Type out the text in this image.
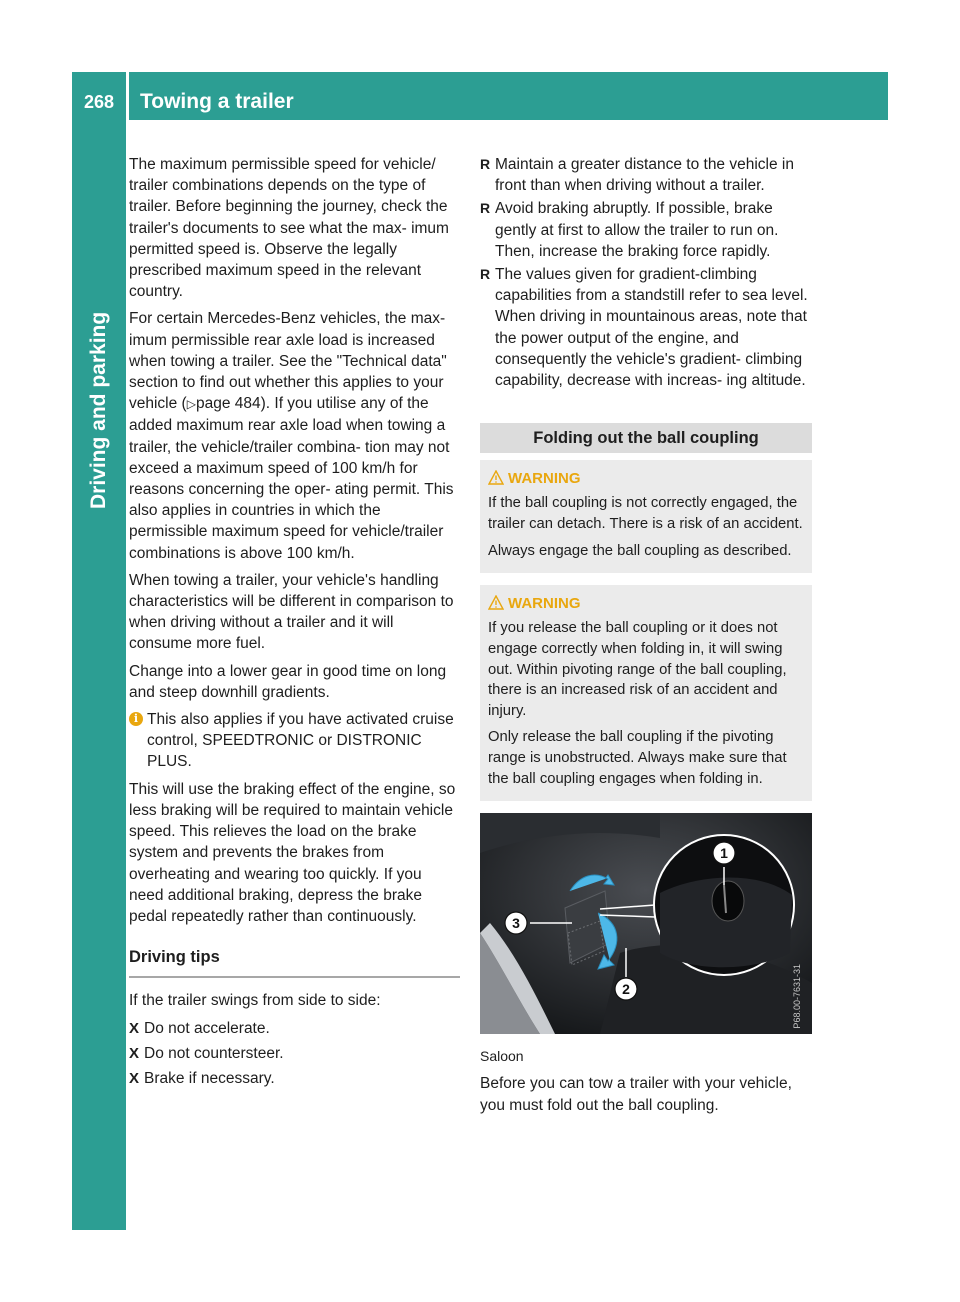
268	Towing a trailer
Driving and parking

The maximum permissible speed for vehicle/ trailer combinations depends on the type of trailer. Before beginning the journey, check the trailer's documents to see what the max- imum permitted speed is. Observe the legally prescribed maximum speed in the relevant country.

For certain Mercedes-Benz vehicles, the max- imum permissible rear axle load is increased when towing a trailer. See the "Technical data" section to find out whether this applies to your vehicle (▷page 484). If you utilise any of the added maximum rear axle load when towing a trailer, the vehicle/trailer combina- tion may not exceed a maximum speed of 100 km/h for reasons concerning the oper- ating permit. This also applies in countries in which the permissible maximum speed for vehicle/trailer combinations is above 100 km/h.

When towing a trailer, your vehicle's handling characteristics will be different in comparison to when driving without a trailer and it will consume more fuel.

Change into a lower gear in good time on long and steep downhill gradients.

i This also applies if you have activated cruise control, SPEEDTRONIC or DISTRONIC PLUS.

This will use the braking effect of the engine, so less braking will be required to maintain vehicle speed. This relieves the load on the brake system and prevents the brakes from overheating and wearing too quickly. If you need additional braking, depress the brake pedal repeatedly rather than continuously.

Driving tips

If the trailer swings from side to side:

X Do not accelerate.
X Do not countersteer.
X Brake if necessary.
R Maintain a greater distance to the vehicle in front than when driving without a trailer.
R Avoid braking abruptly. If possible, brake gently at first to allow the trailer to run on. Then, increase the braking force rapidly.
R The values given for gradient-climbing capabilities from a standstill refer to sea level. When driving in mountainous areas, note that the power output of the engine, and consequently the vehicle's gradient- climbing capability, decrease with increas- ing altitude.
Folding out the ball coupling
WARNING

If the ball coupling is not correctly engaged, the trailer can detach. There is a risk of an accident.

Always engage the ball coupling as described.

WARNING

If you release the ball coupling or it does not engage correctly when folding in, it will swing out. Within pivoting range of the ball coupling, there is an increased risk of an accident and injury.

Only release the ball coupling if the pivoting range is unobstructed. Always make sure that the ball coupling engages when folding in.

1
3
2	P68.00-7631-31
Saloon

Before you can tow a trailer with your vehicle, you must fold out the ball coupling.
